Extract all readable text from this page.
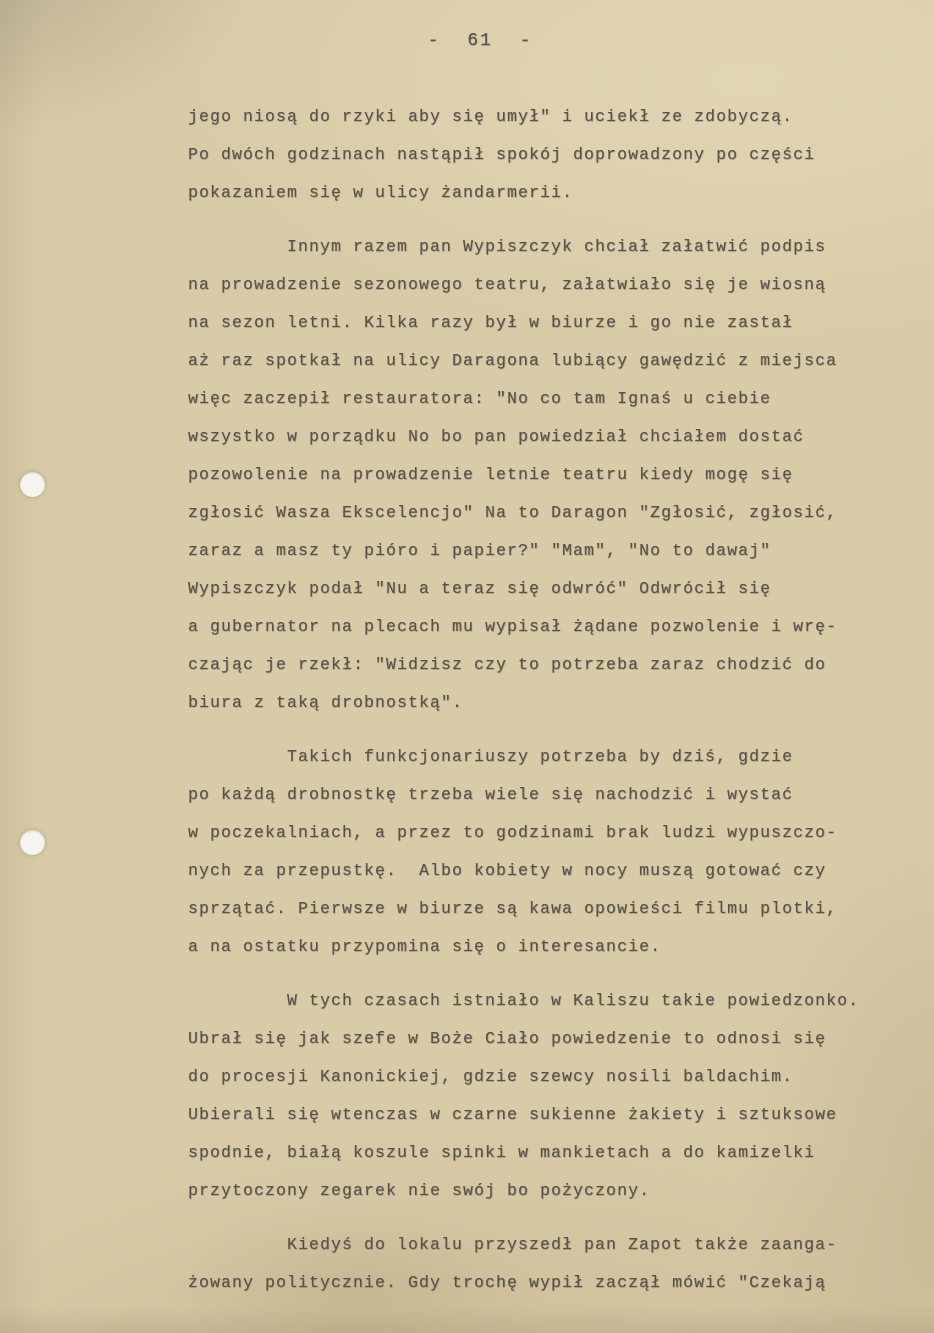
- 61 -
jego niosą do rzyki aby się umył" i uciekł ze zdobyczą.
Po dwóch godzinach nastąpił spokój doprowadzony po części
pokazaniem się w ulicy żandarmerii.
Innym razem pan Wypiszczyk chciał załatwić podpis
na prowadzenie sezonowego teatru, załatwiało się je wiosną
na sezon letni. Kilka razy był w biurze i go nie zastał
aż raz spotkał na ulicy Daragona lubiący gawędzić z miejsca
więc zaczepił restauratora: "No co tam Ignaś u ciebie
wszystko w porządku No bo pan powiedział chciałem dostać
pozowolenie na prowadzenie letnie teatru kiedy mogę się
zgłosić Wasza Ekscelencjo" Na to Daragon "Zgłosić, zgłosić,
zaraz a masz ty pióro i papier?" "Mam", "No to dawaj"
Wypiszczyk podał "Nu a teraz się odwróć" Odwrócił się
a gubernator na plecach mu wypisał żądane pozwolenie i wrę-
czając je rzekł: "Widzisz czy to potrzeba zaraz chodzić do
biura z taką drobnostką".
Takich funkcjonariuszy potrzeba by dziś, gdzie
po każdą drobnostkę trzeba wiele się nachodzić i wystać
w poczekalniach, a przez to godzinami brak ludzi wypuszczo-
nych za przepustkę.  Albo kobiety w nocy muszą gotować czy
sprzątać. Pierwsze w biurze są kawa opowieści filmu plotki,
a na ostatku przypomina się o interesancie.
W tych czasach istniało w Kaliszu takie powiedzonko.
Ubrał się jak szefe w Boże Ciało powiedzenie to odnosi się
do procesji Kanonickiej, gdzie szewcy nosili baldachim.
Ubierali się wtenczas w czarne sukienne żakiety i sztuksowe
spodnie, białą koszule spinki w mankietach a do kamizelki
przytoczony zegarek nie swój bo pożyczony.
Kiedyś do lokalu przyszedł pan Zapot także zaanga-
żowany politycznie. Gdy trochę wypił zaczął mówić "Czekają
